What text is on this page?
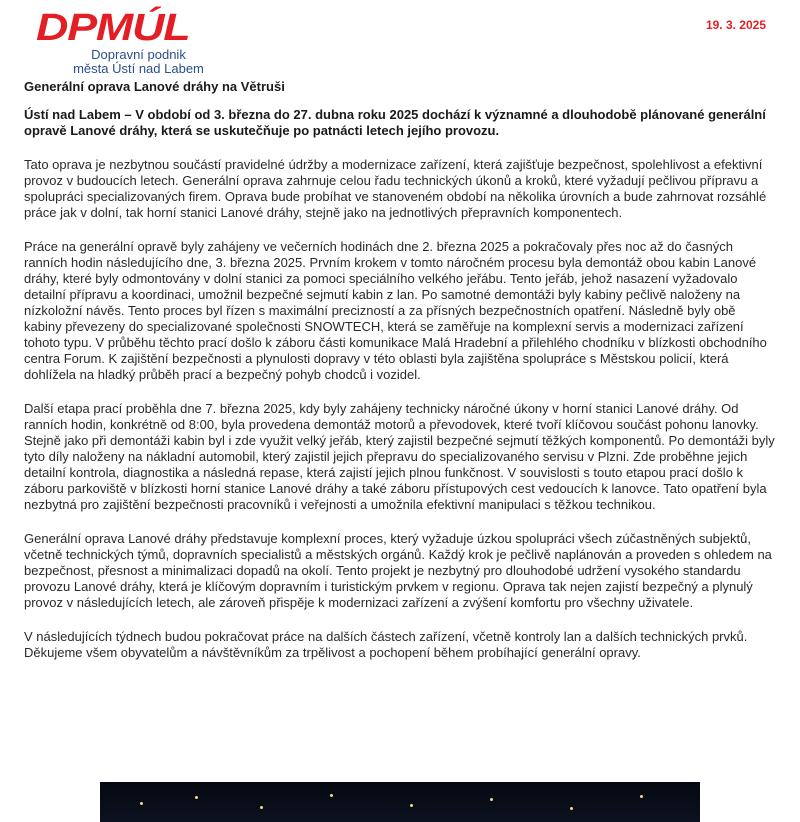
DPMÚL
Dopravní podnik
města Ústí nad Labem
19. 3. 2025

Generální oprava Lanové dráhy na Větruši

Ústí nad Labem – V období od 3. března do 27. dubna roku 2025 dochází k významné a dlouhodobě plánované generální opravě Lanové dráhy, která se uskutečňuje po patnácti letech jejího provozu.

Tato oprava je nezbytnou součástí pravidelné údržby a modernizace zařízení, která zajišťuje bezpečnost, spolehlivost a efektivní provoz v budoucích letech. Generální oprava zahrnuje celou řadu technických úkonů a kroků, které vyžadují pečlivou přípravu a spolupráci specializovaných firem. Oprava bude probíhat ve stanoveném období na několika úrovních a bude zahrnovat rozsáhlé práce jak v dolní, tak horní stanici Lanové dráhy, stejně jako na jednotlivých přepravních komponentech.

Práce na generální opravě byly zahájeny ve večerních hodinách dne 2. března 2025 a pokračovaly přes noc až do časných ranních hodin následujícího dne, 3. března 2025. Prvním krokem v tomto náročném procesu byla demontáž obou kabin Lanové dráhy, které byly odmontovány v dolní stanici za pomoci speciálního velkého jeřábu. Tento jeřáb, jehož nasazení vyžadovalo detailní přípravu a koordinaci, umožnil bezpečné sejmutí kabin z lan. Po samotné demontáži byly kabiny pečlivě naloženy na nízkoložní návěs. Tento proces byl řízen s maximální precizností a za přísných bezpečnostních opatření. Následně byly obě kabiny převezeny do specializované společnosti SNOWTECH, která se zaměřuje na komplexní servis a modernizaci zařízení tohoto typu. V průběhu těchto prací došlo k záboru části komunikace Malá Hradební a přilehlého chodníku v blízkosti obchodního centra Forum. K zajištění bezpečnosti a plynulosti dopravy v této oblasti byla zajištěna spolupráce s Městskou policií, která dohlížela na hladký průběh prací a bezpečný pohyb chodců i vozidel.

Další etapa prací proběhla dne 7. března 2025, kdy byly zahájeny technicky náročné úkony v horní stanici Lanové dráhy. Od ranních hodin, konkrétně od 8:00, byla provedena demontáž motorů a převodovek, které tvoří klíčovou součást pohonu lanovky. Stejně jako při demontáži kabin byl i zde využit velký jeřáb, který zajistil bezpečné sejmutí těžkých komponentů. Po demontáži byly tyto díly naloženy na nákladní automobil, který zajistil jejich přepravu do specializovaného servisu v Plzni. Zde proběhne jejich detailní kontrola, diagnostika a následná repase, která zajistí jejich plnou funkčnost. V souvislosti s touto etapou prací došlo k záboru parkoviště v blízkosti horní stanice Lanové dráhy a také záboru přístupových cest vedoucích k lanovce. Tato opatření byla nezbytná pro zajištění bezpečnosti pracovníků i veřejnosti a umožnila efektivní manipulaci s těžkou technikou.

Generální oprava Lanové dráhy představuje komplexní proces, který vyžaduje úzkou spolupráci všech zúčastněných subjektů, včetně technických týmů, dopravních specialistů a městských orgánů. Každý krok je pečlivě naplánován a proveden s ohledem na bezpečnost, přesnost a minimalizaci dopadů na okolí. Tento projekt je nezbytný pro dlouhodobé udržení vysokého standardu provozu Lanové dráhy, která je klíčovým dopravním i turistickým prvkem v regionu. Oprava tak nejen zajistí bezpečný a plynulý provoz v následujících letech, ale zároveň přispěje k modernizaci zařízení a zvýšení komfortu pro všechny uživatele.

V následujících týdnech budou pokračovat práce na dalších částech zařízení, včetně kontroly lan a dalších technických prvků. Děkujeme všem obyvatelům a návštěvníkům za trpělivost a pochopení během probíhající generální opravy.
